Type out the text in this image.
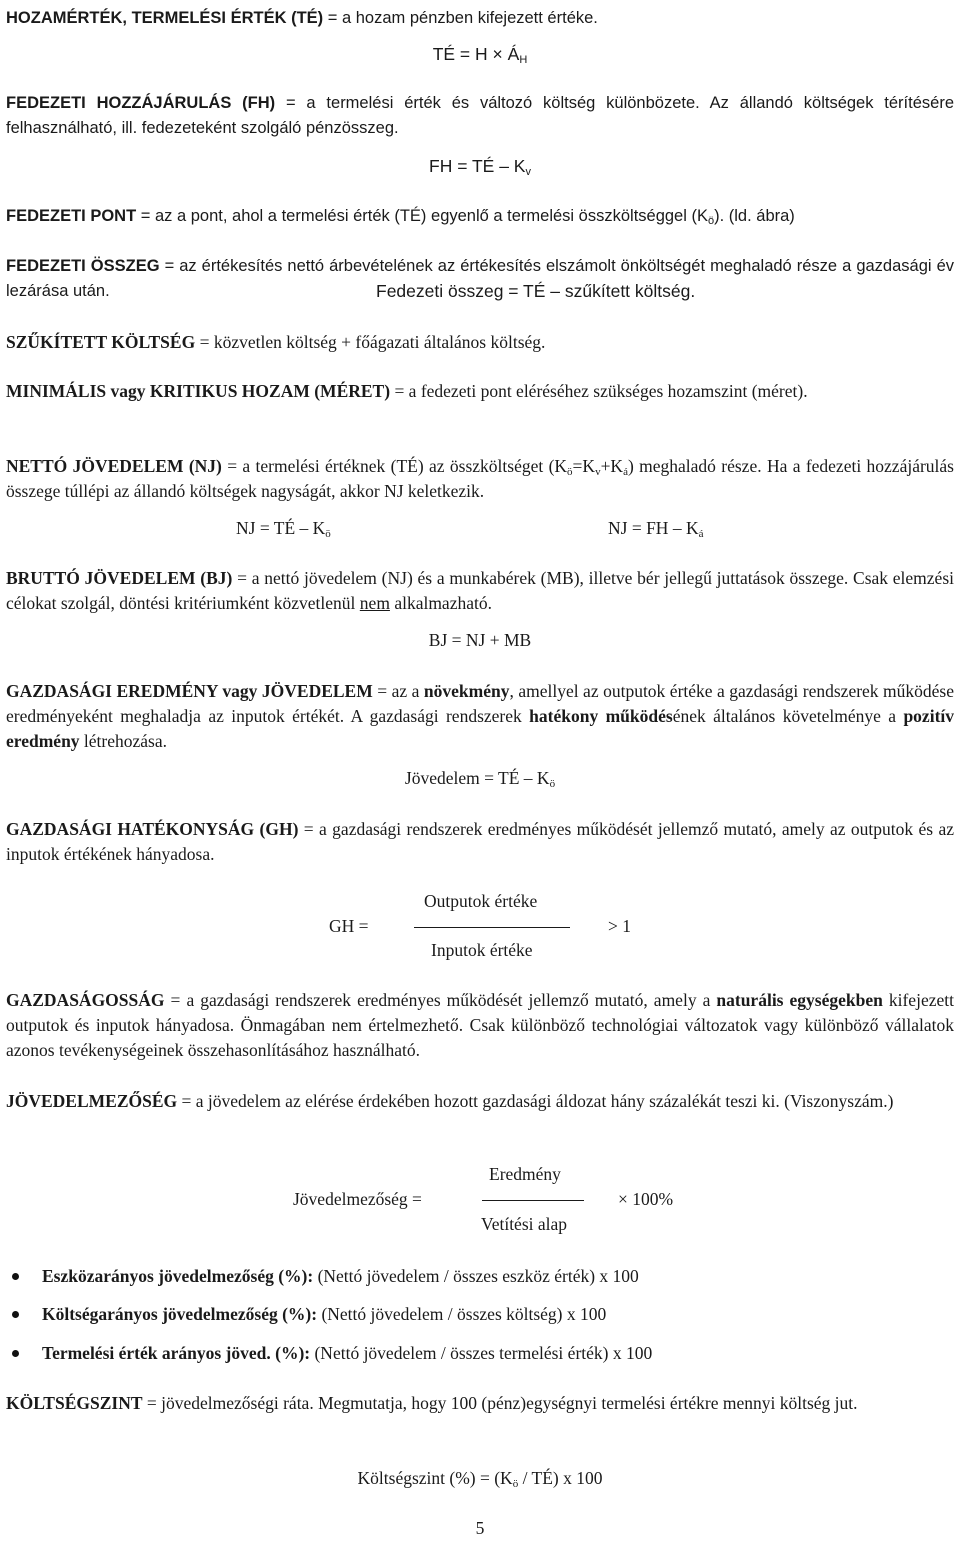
HOZAMÉRTÉK, TERMELÉSI ÉRTÉK (TÉ) = a hozam pénzben kifejezett értéke.

TÉ = $H \times Á_H$

FEDEZETI HOZZÁJÁRULÁS (FH) = a termelési érték és változó költség különbözete. Az állandó költségek térítésére felhasználható, ill. fedezeteként szolgáló pénzösszeg.

FH = TÉ – $K_v$

FEDEZETI PONT = az a pont, ahol a termelési érték (TÉ) egyenlő a termelési összköltséggel $(K_ö)$. (ld. ábra)

FEDEZETI ÖSSZEG = az értékesítés nettó árbevételének az értékesítés elszámolt önköltségét meghaladó része a gazdasági év lezárása után.	Fedezeti összeg = TÉ – szűkített költség.

SZŰKÍTETT KÖLTSÉG = közvetlen költség + főágazati általános költség.

MINIMÁLIS vagy KRITIKUS HOZAM (MÉRET) = a fedezeti pont eléréséhez szükséges hozamszint (méret).

NETTÓ JÖVEDELEM (NJ) = a termelési értéknek (TÉ) az összköltséget $(K_ö=K_v+K_á)$ meghaladó része. Ha a fedezeti hozzájárulás összege túllépi az állandó költségek nagyságát, akkor NJ keletkezik.

NJ = TÉ – $K_ö$	NJ = FH – $K_á$

BRUTTÓ JÖVEDELEM (BJ) = a nettó jövedelem (NJ) és a munkabérek (MB), illetve bér jellegű juttatások összege. Csak elemzési célokat szolgál, döntési kritériumként közvetlenül nem alkalmazható.

BJ = NJ + MB

GAZDASÁGI EREDMÉNY vagy JÖVEDELEM = az a növekmény, amellyel az outputok értéke a gazdasági rendszerek működése eredményeként meghaladja az inputok értékét. A gazdasági rendszerek hatékony működésének általános követelménye a pozitív eredmény létrehozása.

Jövedelem = TÉ – $K_ö$

GAZDASÁGI HATÉKONYSÁG (GH) = a gazdasági rendszerek eredményes működését jellemző mutató, amely az outputok és az inputok értékének hányadosa.

GH =
Outputok értéke
Inputok értéke
> 1

GAZDASÁGOSSÁG = a gazdasági rendszerek eredményes működését jellemző mutató, amely a naturális egységekben kifejezett outputok és inputok hányadosa. Önmagában nem értelmezhető. Csak különböző technológiai változatok vagy különböző vállalatok azonos tevékenységeinek összehasonlításához használható.

JÖVEDELMEZŐSÉG = a jövedelem az elérése érdekében hozott gazdasági áldozat hány százalékát teszi ki. (Viszonyszám.)

Jövedelmezőség =
Eredmény
Vetítési alap
× 100%
Eszközarányos jövedelmezőség (%): (Nettó jövedelem / összes eszköz érték) x 100
Költségarányos jövedelmezőség (%): (Nettó jövedelem / összes költség) x 100
Termelési érték arányos jöved. (%): (Nettó jövedelem / összes termelési érték) x 100

KÖLTSÉGSZINT = jövedelmezőségi ráta. Megmutatja, hogy 100 (pénz)egységnyi termelési értékre mennyi költség jut.

Költségszint (%) = ($K_ö$ / TÉ) x 100
5
